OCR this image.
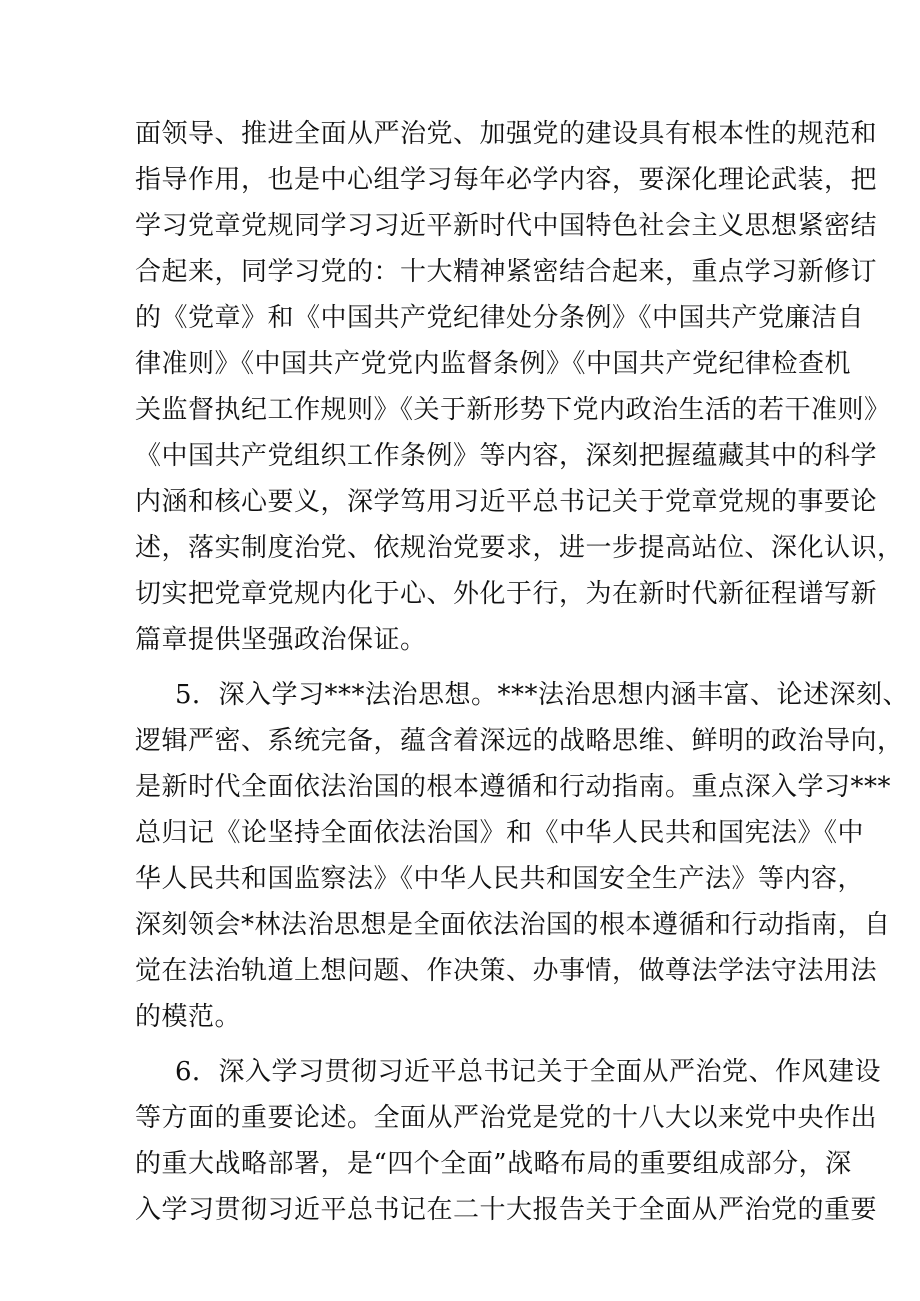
面领导、推进全面从严治党、加强党的建设具有根本性的规范和
指导作用，也是中心组学习每年必学内容，要深化理论武装，把
学习党章党规同学习习近平新时代中国特色社会主义思想紧密结
合起来，同学习党的：十大精神紧密结合起来，重点学习新修订
的《党章》和《中国共产党纪律处分条例》《中国共产党廉洁自
律准则》《中国共产党党内监督条例》《中国共产党纪律检查机
关监督执纪工作规则》《关于新形势下党内政治生活的若干准则》
《中国共产党组织工作条例》等内容，深刻把握蕴藏其中的科学
内涵和核心要义，深学笃用习近平总书记关于党章党规的事要论
述，落实制度治党、依规治党要求，进一步提高站位、深化认识，
切实把党章党规内化于心、外化于行，为在新时代新征程谱写新
篇章提供坚强政治保证。
5．深入学习***法治思想。***法治思想内涵丰富、论述深刻、
逻辑严密、系统完备，蕴含着深远的战略思维、鲜明的政治导向，
是新时代全面依法治国的根本遵循和行动指南。重点深入学习***
总归记《论坚持全面依法治国》和《中华人民共和国宪法》《中
华人民共和国监察法》《中华人民共和国安全生产法》等内容，
深刻领会*林法治思想是全面依法治国的根本遵循和行动指南，自
觉在法治轨道上想问题、作决策、办事情，做尊法学法守法用法
的模范。
6．深入学习贯彻习近平总书记关于全面从严治党、作风建设
等方面的重要论述。全面从严治党是党的十八大以来党中央作出
的重大战略部署，是“四个全面”战略布局的重要组成部分，深
入学习贯彻习近平总书记在二十大报告关于全面从严治党的重要
